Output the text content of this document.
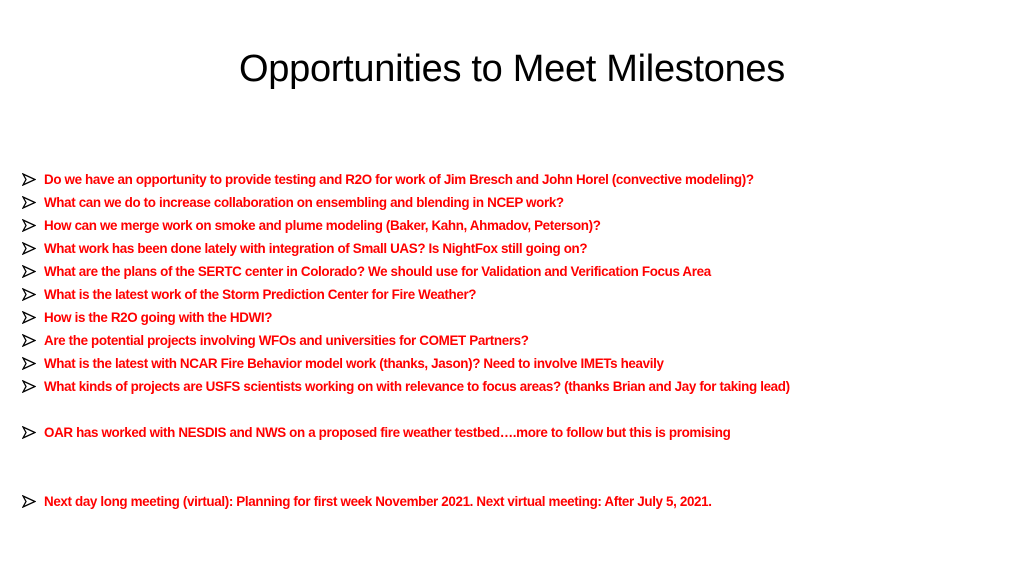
Opportunities to Meet Milestones
Do we have an opportunity to provide testing and R2O for work of Jim Bresch and John Horel (convective modeling)?
What can we do to increase collaboration on ensembling and blending in NCEP work?
How can we merge work on smoke and plume modeling (Baker, Kahn, Ahmadov, Peterson)?
What work has been done lately with integration of Small UAS? Is NightFox still going on?
What are the plans of the SERTC center in Colorado? We should use for Validation and Verification Focus Area
What is the latest work of the Storm Prediction Center for Fire Weather?
How is the R2O going with the HDWI?
Are the potential projects involving WFOs and universities for COMET Partners?
What is the latest with NCAR Fire Behavior model work (thanks, Jason)? Need to involve IMETs heavily
What kinds of projects are USFS scientists working on with relevance to focus areas? (thanks Brian and Jay for taking lead)
OAR has worked with NESDIS and NWS on a proposed fire weather testbed….more to follow but this is promising
Next day long meeting (virtual): Planning for first week November 2021. Next virtual meeting: After July 5, 2021.
